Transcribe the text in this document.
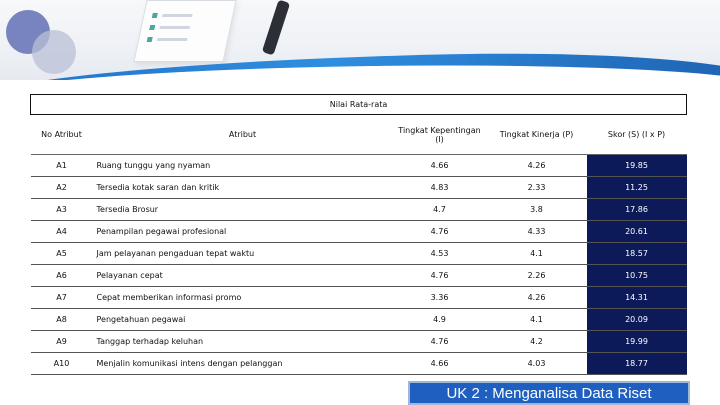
Nilai Rata-rata				
No Atribut	Atribut	Tingkat Kepentingan (I)	Tingkat Kinerja (P)	Skor (S) (I x P)
A1	Ruang tunggu yang nyaman	4.66	4.26	19.85
A2	Tersedia kotak saran dan kritik	4.83	2.33	11.25
A3	Tersedia Brosur	4.7	3.8	17.86
A4	Penampilan pegawai profesional	4.76	4.33	20.61
A5	Jam pelayanan pengaduan tepat waktu	4.53	4.1	18.57
A6	Pelayanan cepat	4.76	2.26	10.75
A7	Cepat memberikan informasi promo	3.36	4.26	14.31
A8	Pengetahuan pegawai	4.9	4.1	20.09
A9	Tanggap terhadap keluhan	4.76	4.2	19.99
A10	Menjalin komunikasi intens dengan pelanggan	4.66	4.03	18.77
UK 2 : Menganalisa Data Riset
